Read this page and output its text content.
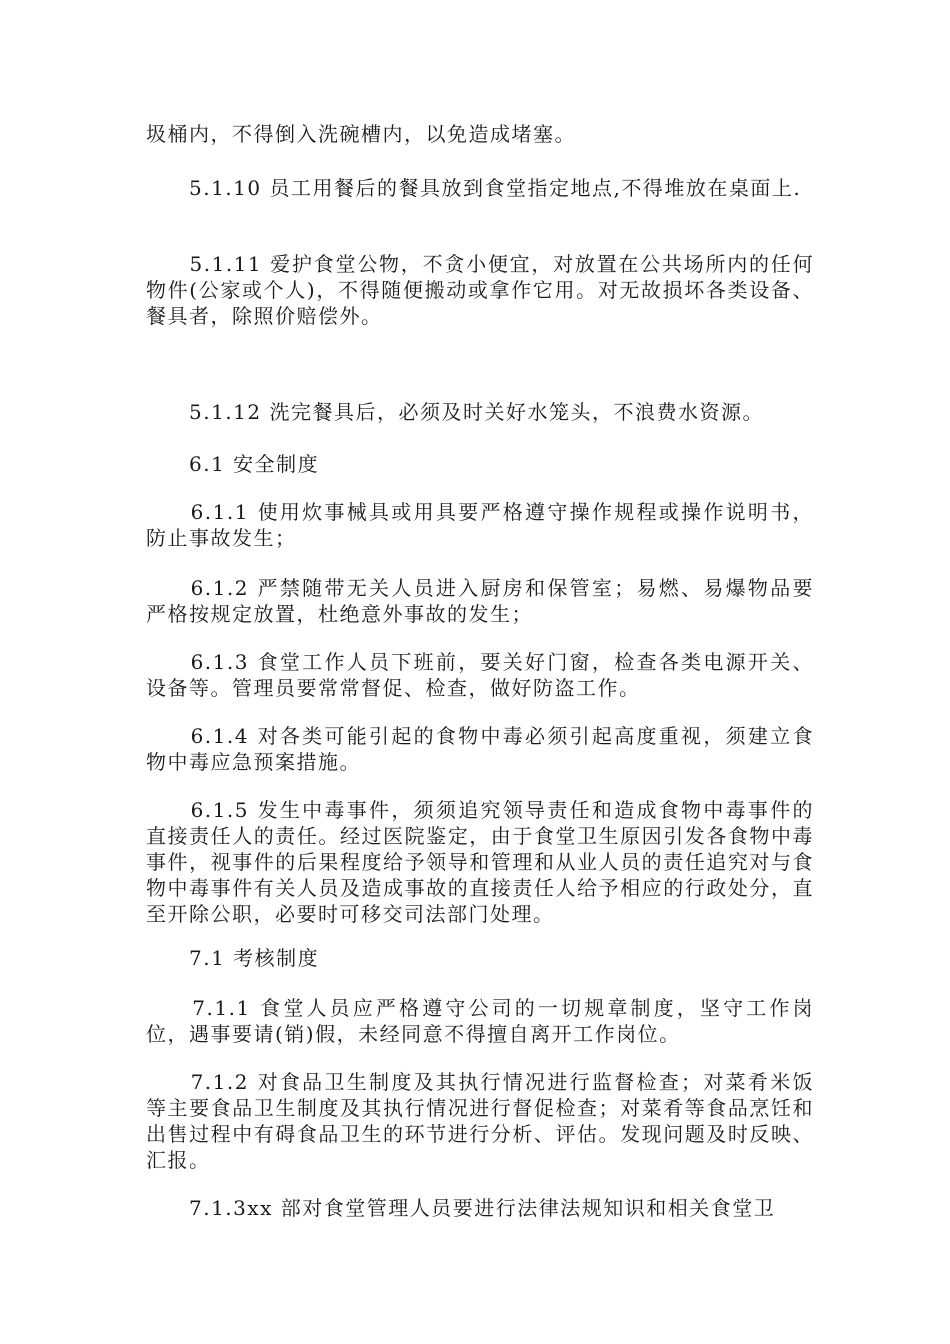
圾桶内，不得倒入洗碗槽内，以免造成堵塞。

　　5.1.10 员工用餐后的餐具放到食堂指定地点,不得堆放在桌面上.

　　5.1.11 爱护食堂公物，不贪小便宜，对放置在公共场所内的任何物件(公家或个人)，不得随便搬动或拿作它用。对无故损坏各类设备、餐具者，除照价赔偿外。

　　5.1.12 洗完餐具后，必须及时关好水笼头，不浪费水资源。

　　6.1 安全制度

　　6.1.1 使用炊事械具或用具要严格遵守操作规程或操作说明书，防止事故发生；

　　6.1.2 严禁随带无关人员进入厨房和保管室；易燃、易爆物品要严格按规定放置，杜绝意外事故的发生；

　　6.1.3 食堂工作人员下班前，要关好门窗，检查各类电源开关、设备等。管理员要常常督促、检查，做好防盗工作。

　　6.1.4 对各类可能引起的食物中毒必须引起高度重视，须建立食物中毒应急预案措施。

　　6.1.5 发生中毒事件，须须追究领导责任和造成食物中毒事件的直接责任人的责任。经过医院鉴定，由于食堂卫生原因引发各食物中毒事件，视事件的后果程度给予领导和管理和从业人员的责任追究对与食物中毒事件有关人员及造成事故的直接责任人给予相应的行政处分，直至开除公职，必要时可移交司法部门处理。

　　7.1 考核制度

　　7.1.1 食堂人员应严格遵守公司的一切规章制度，坚守工作岗位，遇事要请(销)假，未经同意不得擅自离开工作岗位。

　　7.1.2 对食品卫生制度及其执行情况进行监督检查；对菜肴米饭等主要食品卫生制度及其执行情况进行督促检查；对菜肴等食品烹饪和出售过程中有碍食品卫生的环节进行分析、评估。发现问题及时反映、汇报。

　　7.1.3xx 部对食堂管理人员要进行法律法规知识和相关食堂卫
